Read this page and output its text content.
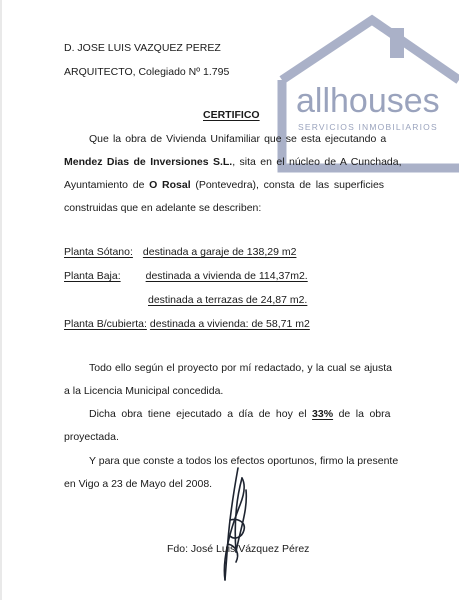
allhouses
SERVICIOS INMOBILIARIOS
D. JOSE LUIS VAZQUEZ PEREZ
ARQUITECTO, Colegiado Nº 1.795
CERTIFICO
Que la obra de Vivienda Unifamiliar que se esta ejecutando a
Mendez Dias de Inversiones S.L., sita en el núcleo de A Cunchada,
Ayuntamiento de O Rosal (Pontevedra), consta de las superficies
construidas que en adelante se describen:
Planta Sótano: destinada a garaje de 138,29 m2
Planta Baja: destinada a vivienda de 114,37m2.
destinada a terrazas de 24,87 m2.
Planta B/cubierta: destinada a vivienda: de 58,71 m2
Todo ello según el proyecto por mí redactado, y la cual se ajusta
a la Licencia Municipal concedida.
Dicha obra tiene ejecutado a día de hoy el 33% de la obra
proyectada.
Y para que conste a todos los efectos oportunos, firmo la presente
en Vigo a 23 de Mayo del 2008.
Fdo: José Luis Vázquez Pérez
